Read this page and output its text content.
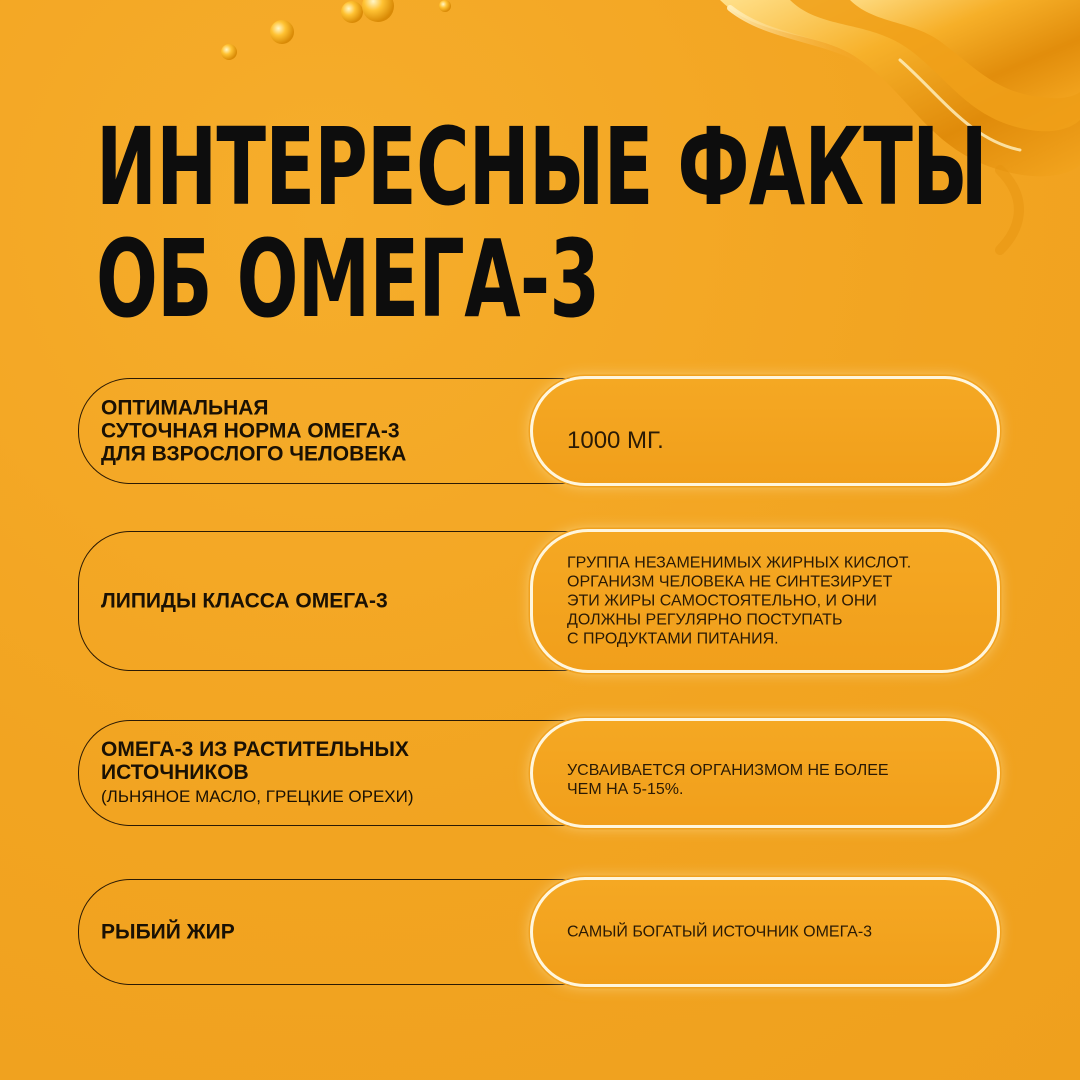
ИНТЕРЕСНЫЕ ФАКТЫ
ОБ ОМЕГА-3
ОПТИМАЛЬНАЯ
СУТОЧНАЯ НОРМА ОМЕГА-3
ДЛЯ ВЗРОСЛОГО ЧЕЛОВЕКА	1000 МГ.
ЛИПИДЫ КЛАССА ОМЕГА-3
ГРУППА НЕЗАМЕНИМЫХ ЖИРНЫХ КИСЛОТ.
ОРГАНИЗМ ЧЕЛОВЕКА НЕ СИНТЕЗИРУЕТ
ЭТИ ЖИРЫ САМОСТОЯТЕЛЬНО, И ОНИ
ДОЛЖНЫ РЕГУЛЯРНО ПОСТУПАТЬ
С ПРОДУКТАМИ ПИТАНИЯ.
ОМЕГА-3 ИЗ РАСТИТЕЛЬНЫХ
ИСТОЧНИКОВ
(ЛЬНЯНОЕ МАСЛО, ГРЕЦКИЕ ОРЕХИ)
УСВАИВАЕТСЯ ОРГАНИЗМОМ НЕ БОЛЕЕ
ЧЕМ НА 5-15%.
РЫБИЙ ЖИР	САМЫЙ БОГАТЫЙ ИСТОЧНИК ОМЕГА-3
